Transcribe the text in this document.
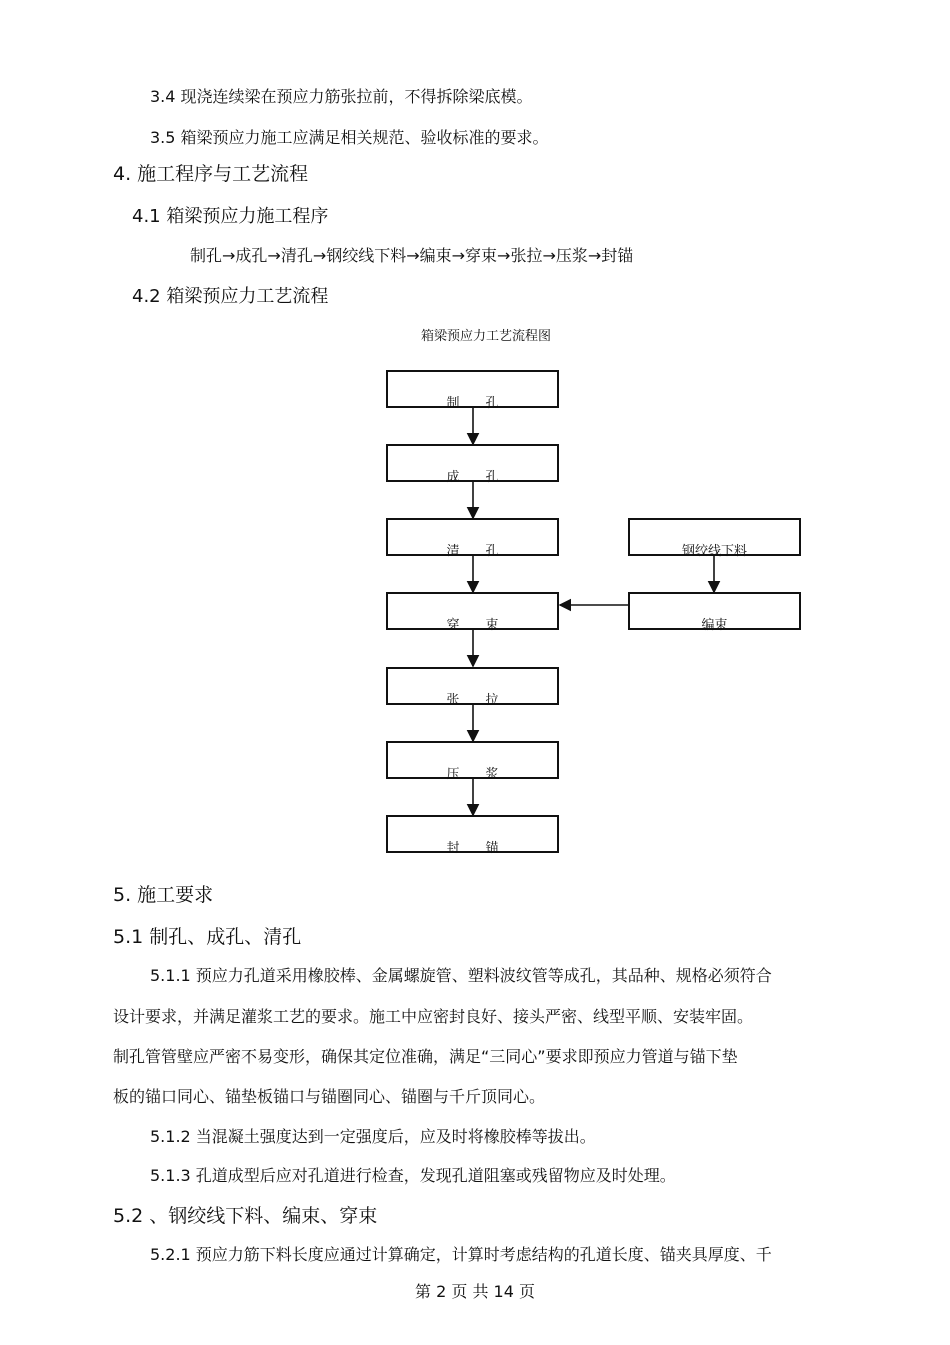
3.4 现浇连续梁在预应力筋张拉前，不得拆除梁底模。
3.5 箱梁预应力施工应满足相关规范、验收标准的要求。
4. 施工程序与工艺流程
4.1 箱梁预应力施工程序
制孔→成孔→清孔→钢绞线下料→编束→穿束→张拉→压浆→封锚
4.2 箱梁预应力工艺流程
箱梁预应力工艺流程图
制　　孔
成　　孔
清　　孔
穿　　束
张　　拉
压　　浆
封　　锚
钢绞线下料
编束
5. 施工要求
5.1 制孔、成孔、清孔
5.1.1 预应力孔道采用橡胶棒、金属螺旋管、塑料波纹管等成孔，其品种、规格必须符合
设计要求，并满足灌浆工艺的要求。施工中应密封良好、接头严密、线型平顺、安装牢固。
制孔管管壁应严密不易变形，确保其定位准确，满足“三同心”要求即预应力管道与锚下垫
板的锚口同心、锚垫板锚口与锚圈同心、锚圈与千斤顶同心。
5.1.2 当混凝土强度达到一定强度后，应及时将橡胶棒等拔出。
5.1.3 孔道成型后应对孔道进行检查，发现孔道阻塞或残留物应及时处理。
5.2 、钢绞线下料、编束、穿束
5.2.1 预应力筋下料长度应通过计算确定，计算时考虑结构的孔道长度、锚夹具厚度、千
第 2 页 共 14 页
